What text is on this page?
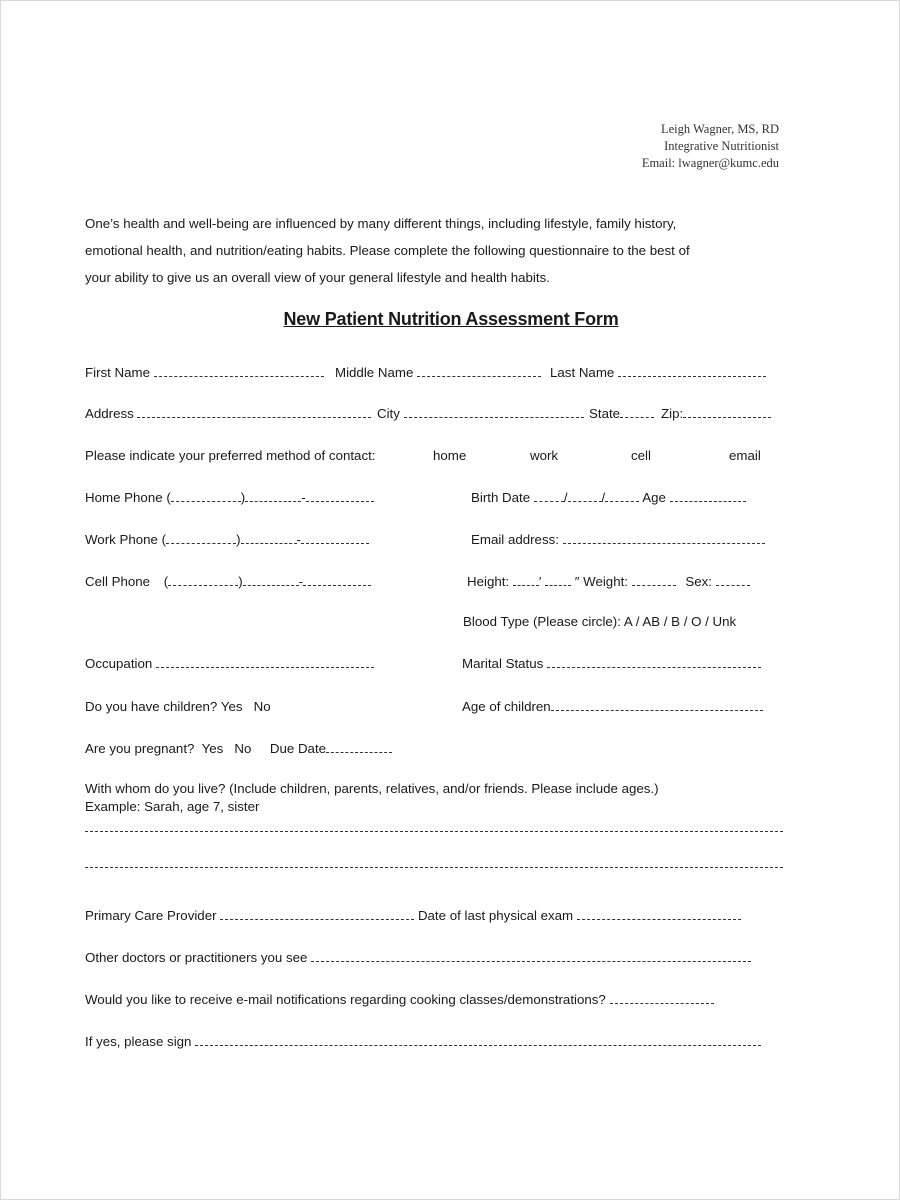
Leigh Wagner, MS, RD
Integrative Nutritionist
Email: lwagner@kumc.edu
One’s health and well-being are influenced by many different things, including lifestyle, family history,
emotional health, and nutrition/eating habits. Please complete the following questionnaire to the best of
your ability to give us an overall view of your general lifestyle and health habits.
New Patient Nutrition Assessment Form
First Name	Middle Name	Last Name
Address	City	State	Zip:
Please indicate your preferred method of contact:	home	work	cell	email
Home Phone (	)	-	Birth Date	/	/	Age
Work Phone (	)	-	Email address:
Cell Phone (	)	-	Height: ′  ″ Weight:	Sex:
Blood Type (Please circle): A / AB / B / O / Unk
Occupation	Marital Status
Do you have children? Yes No	Age of children
Are you pregnant? Yes No Due Date
With whom do you live? (Include children, parents, relatives, and/or friends. Please include ages.)
Example: Sarah, age 7, sister
Primary Care Provider	Date of last physical exam
Other doctors or practitioners you see
Would you like to receive e-mail notifications regarding cooking classes/demonstrations?
If yes, please sign
